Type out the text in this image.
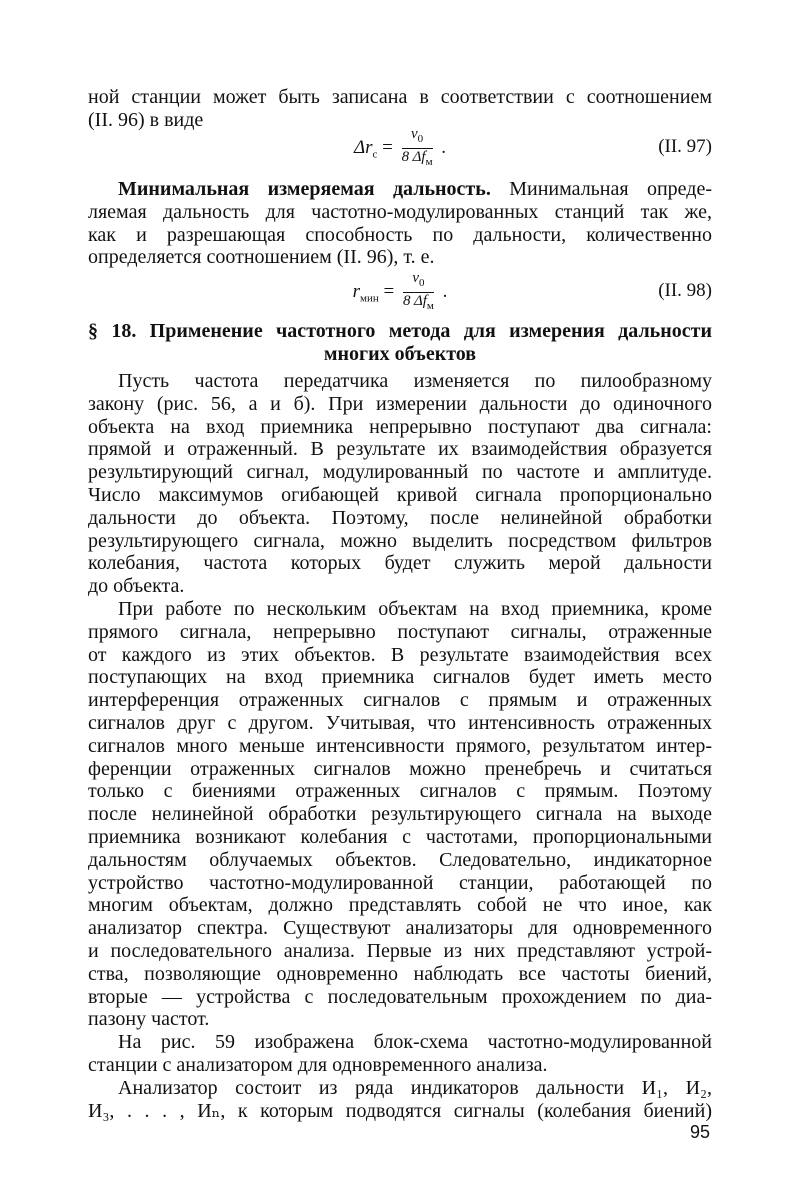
ной станции может быть записана в соответствии с соотношением
(II. 96) в виде
$\Delta r_с = \frac{v_0}{8 \Delta f_м}$ .	(II. 97)
Минимальная измеряемая дальность. Минимальная опреде-
ляемая дальность для частотно-модулированных станций так же,
как и разрешающая способность по дальности, количественно
определяется соотношением (II. 96), т. е.
$r_{мин} = \frac{v_0}{8 \Delta f_м}$ .	(II. 98)
§ 18. Применение частотного метода для измерения дальности
многих объектов
Пусть частота передатчика изменяется по пилообразному
закону (рис. 56, а и б). При измерении дальности до одиночного
объекта на вход приемника непрерывно поступают два сигнала:
прямой и отраженный. В результате их взаимодействия образуется
результирующий сигнал, модулированный по частоте и амплитуде.
Число максимумов огибающей кривой сигнала пропорционально
дальности до объекта. Поэтому, после нелинейной обработки
результирующего сигнала, можно выделить посредством фильтров
колебания, частота которых будет служить мерой дальности
до объекта.
При работе по нескольким объектам на вход приемника, кроме
прямого сигнала, непрерывно поступают сигналы, отраженные
от каждого из этих объектов. В результате взаимодействия всех
поступающих на вход приемника сигналов будет иметь место
интерференция отраженных сигналов с прямым и отраженных
сигналов друг с другом. Учитывая, что интенсивность отраженных
сигналов много меньше интенсивности прямого, результатом интер-
ференции отраженных сигналов можно пренебречь и считаться
только с биениями отраженных сигналов с прямым. Поэтому
после нелинейной обработки результирующего сигнала на выходе
приемника возникают колебания с частотами, пропорциональными
дальностям облучаемых объектов. Следовательно, индикаторное
устройство частотно-модулированной станции, работающей по
многим объектам, должно представлять собой не что иное, как
анализатор спектра. Существуют анализаторы для одновременного
и последовательного анализа. Первые из них представляют устрой-
ства, позволяющие одновременно наблюдать все частоты биений,
вторые — устройства с последовательным прохождением по диа-
пазону частот.
На рис. 59 изображена блок-схема частотно-модулированной
станции с анализатором для одновременного анализа.
Анализатор состоит из ряда индикаторов дальности И₁, И₂,
И₃, . . . , Иₙ, к которым подводятся сигналы (колебания биений)
95
